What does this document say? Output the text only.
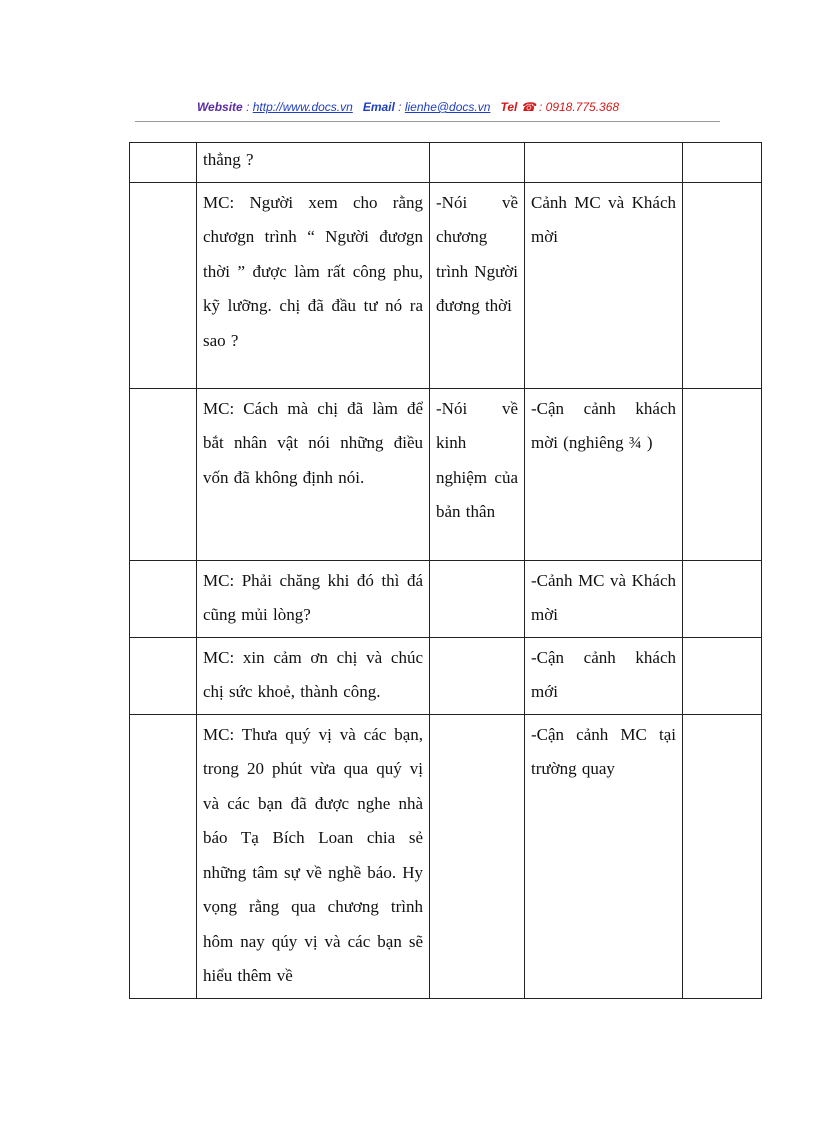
Website : http://www.docs.vn Email : lienhe@docs.vn Tel ☎ : 0918.775.368
	thẳng ?			
	MC: Người xem cho rằng chươgn trình “ Người đươgn thời ” được làm rất công phu, kỹ lưỡng. chị đã đầu tư nó ra sao ?	-Nói về chương trình Người đương thời	Cảnh MC và Khách mời	
	MC: Cách mà chị đã làm để bắt nhân vật nói những điều vốn đã không định nói.	-Nói về kinh nghiệm của bản thân	-Cận cảnh khách mời (nghiêng ¾ )	
	MC: Phải chăng khi đó thì đá cũng mủi lòng?		-Cảnh MC và Khách mời	
	MC: xin cảm ơn chị và chúc chị sức khoẻ, thành công.		-Cận cảnh khách mới	
	MC: Thưa quý vị và các bạn, trong 20 phút vừa qua quý vị và các bạn đã được nghe nhà báo Tạ Bích Loan chia sẻ những tâm sự về nghề báo. Hy vọng rằng qua chương trình hôm nay qúy vị và các bạn sẽ hiểu thêm về		-Cận cảnh MC tại trường quay	
